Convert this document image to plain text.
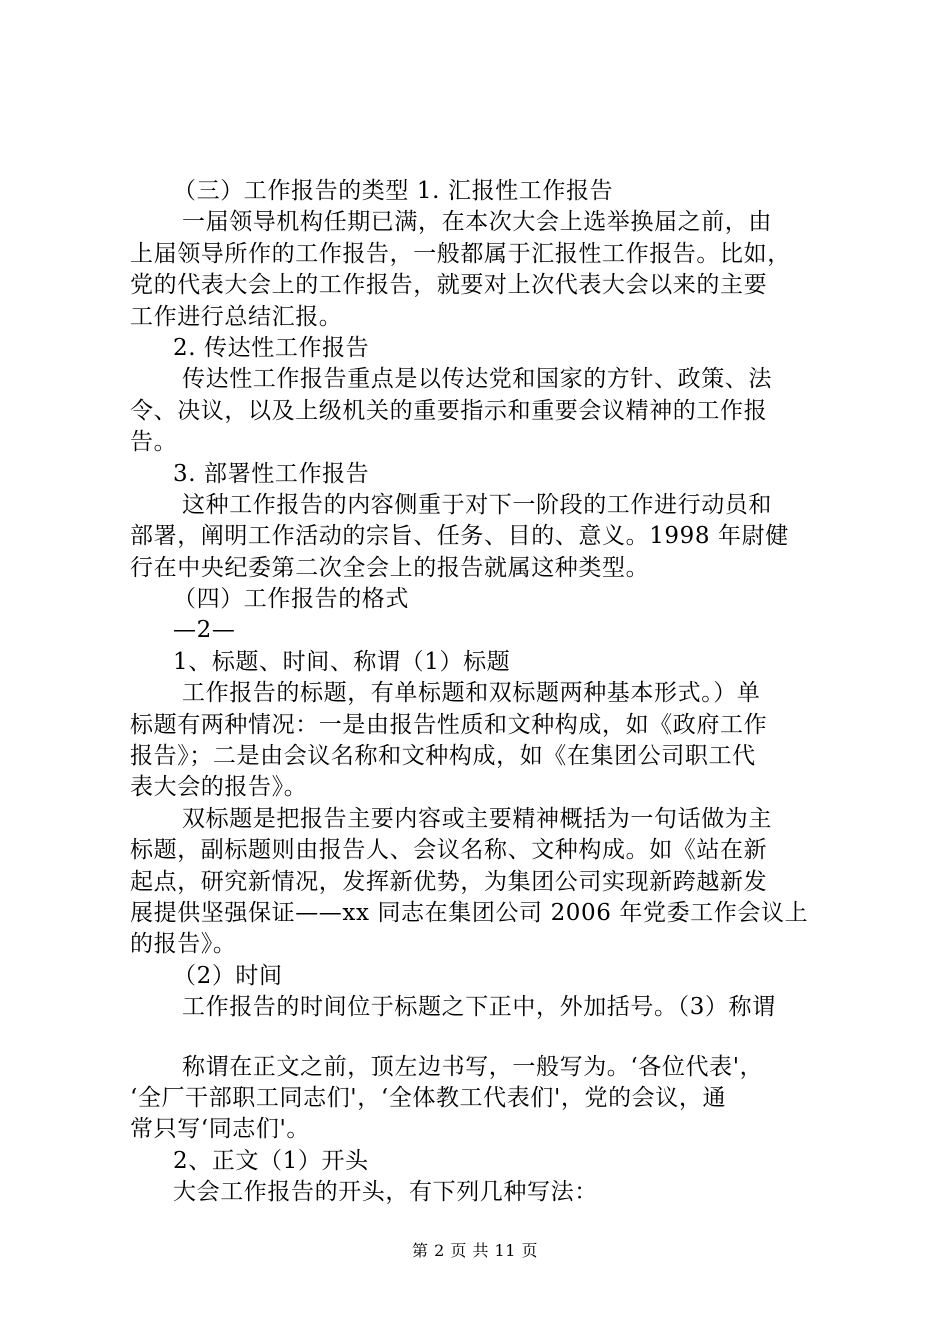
（三）工作报告的类型 1. 汇报性工作报告
一届领导机构任期已满，在本次大会上选举换届之前，由
上届领导所作的工作报告，一般都属于汇报性工作报告。比如，
党的代表大会上的工作报告，就要对上次代表大会以来的主要
工作进行总结汇报。
2. 传达性工作报告
传达性工作报告重点是以传达党和国家的方针、政策、法
令、决议，以及上级机关的重要指示和重要会议精神的工作报
告。
3. 部署性工作报告
这种工作报告的内容侧重于对下一阶段的工作进行动员和
部署，阐明工作活动的宗旨、任务、目的、意义。1998 年尉健
行在中央纪委第二次全会上的报告就属这种类型。
（四）工作报告的格式
—2—
1、标题、时间、称谓（1）标题
工作报告的标题，有单标题和双标题两种基本形式。）单
标题有两种情况：一是由报告性质和文种构成，如《政府工作
报告》；二是由会议名称和文种构成，如《在集团公司职工代
表大会的报告》。
双标题是把报告主要内容或主要精神概括为一句话做为主
标题，副标题则由报告人、会议名称、文种构成。如《站在新
起点，研究新情况，发挥新优势，为集团公司实现新跨越新发
展提供坚强保证——xx 同志在集团公司 2006 年党委工作会议上
的报告》。
（2）时间
工作报告的时间位于标题之下正中，外加括号。（3）称谓
称谓在正文之前，顶左边书写，一般写为。‘各位代表'，
‘全厂干部职工同志们'，‘全体教工代表们'，党的会议，通
常只写‘同志们'。
2、正文（1）开头
大会工作报告的开头，有下列几种写法：
第 2 页 共 11 页
